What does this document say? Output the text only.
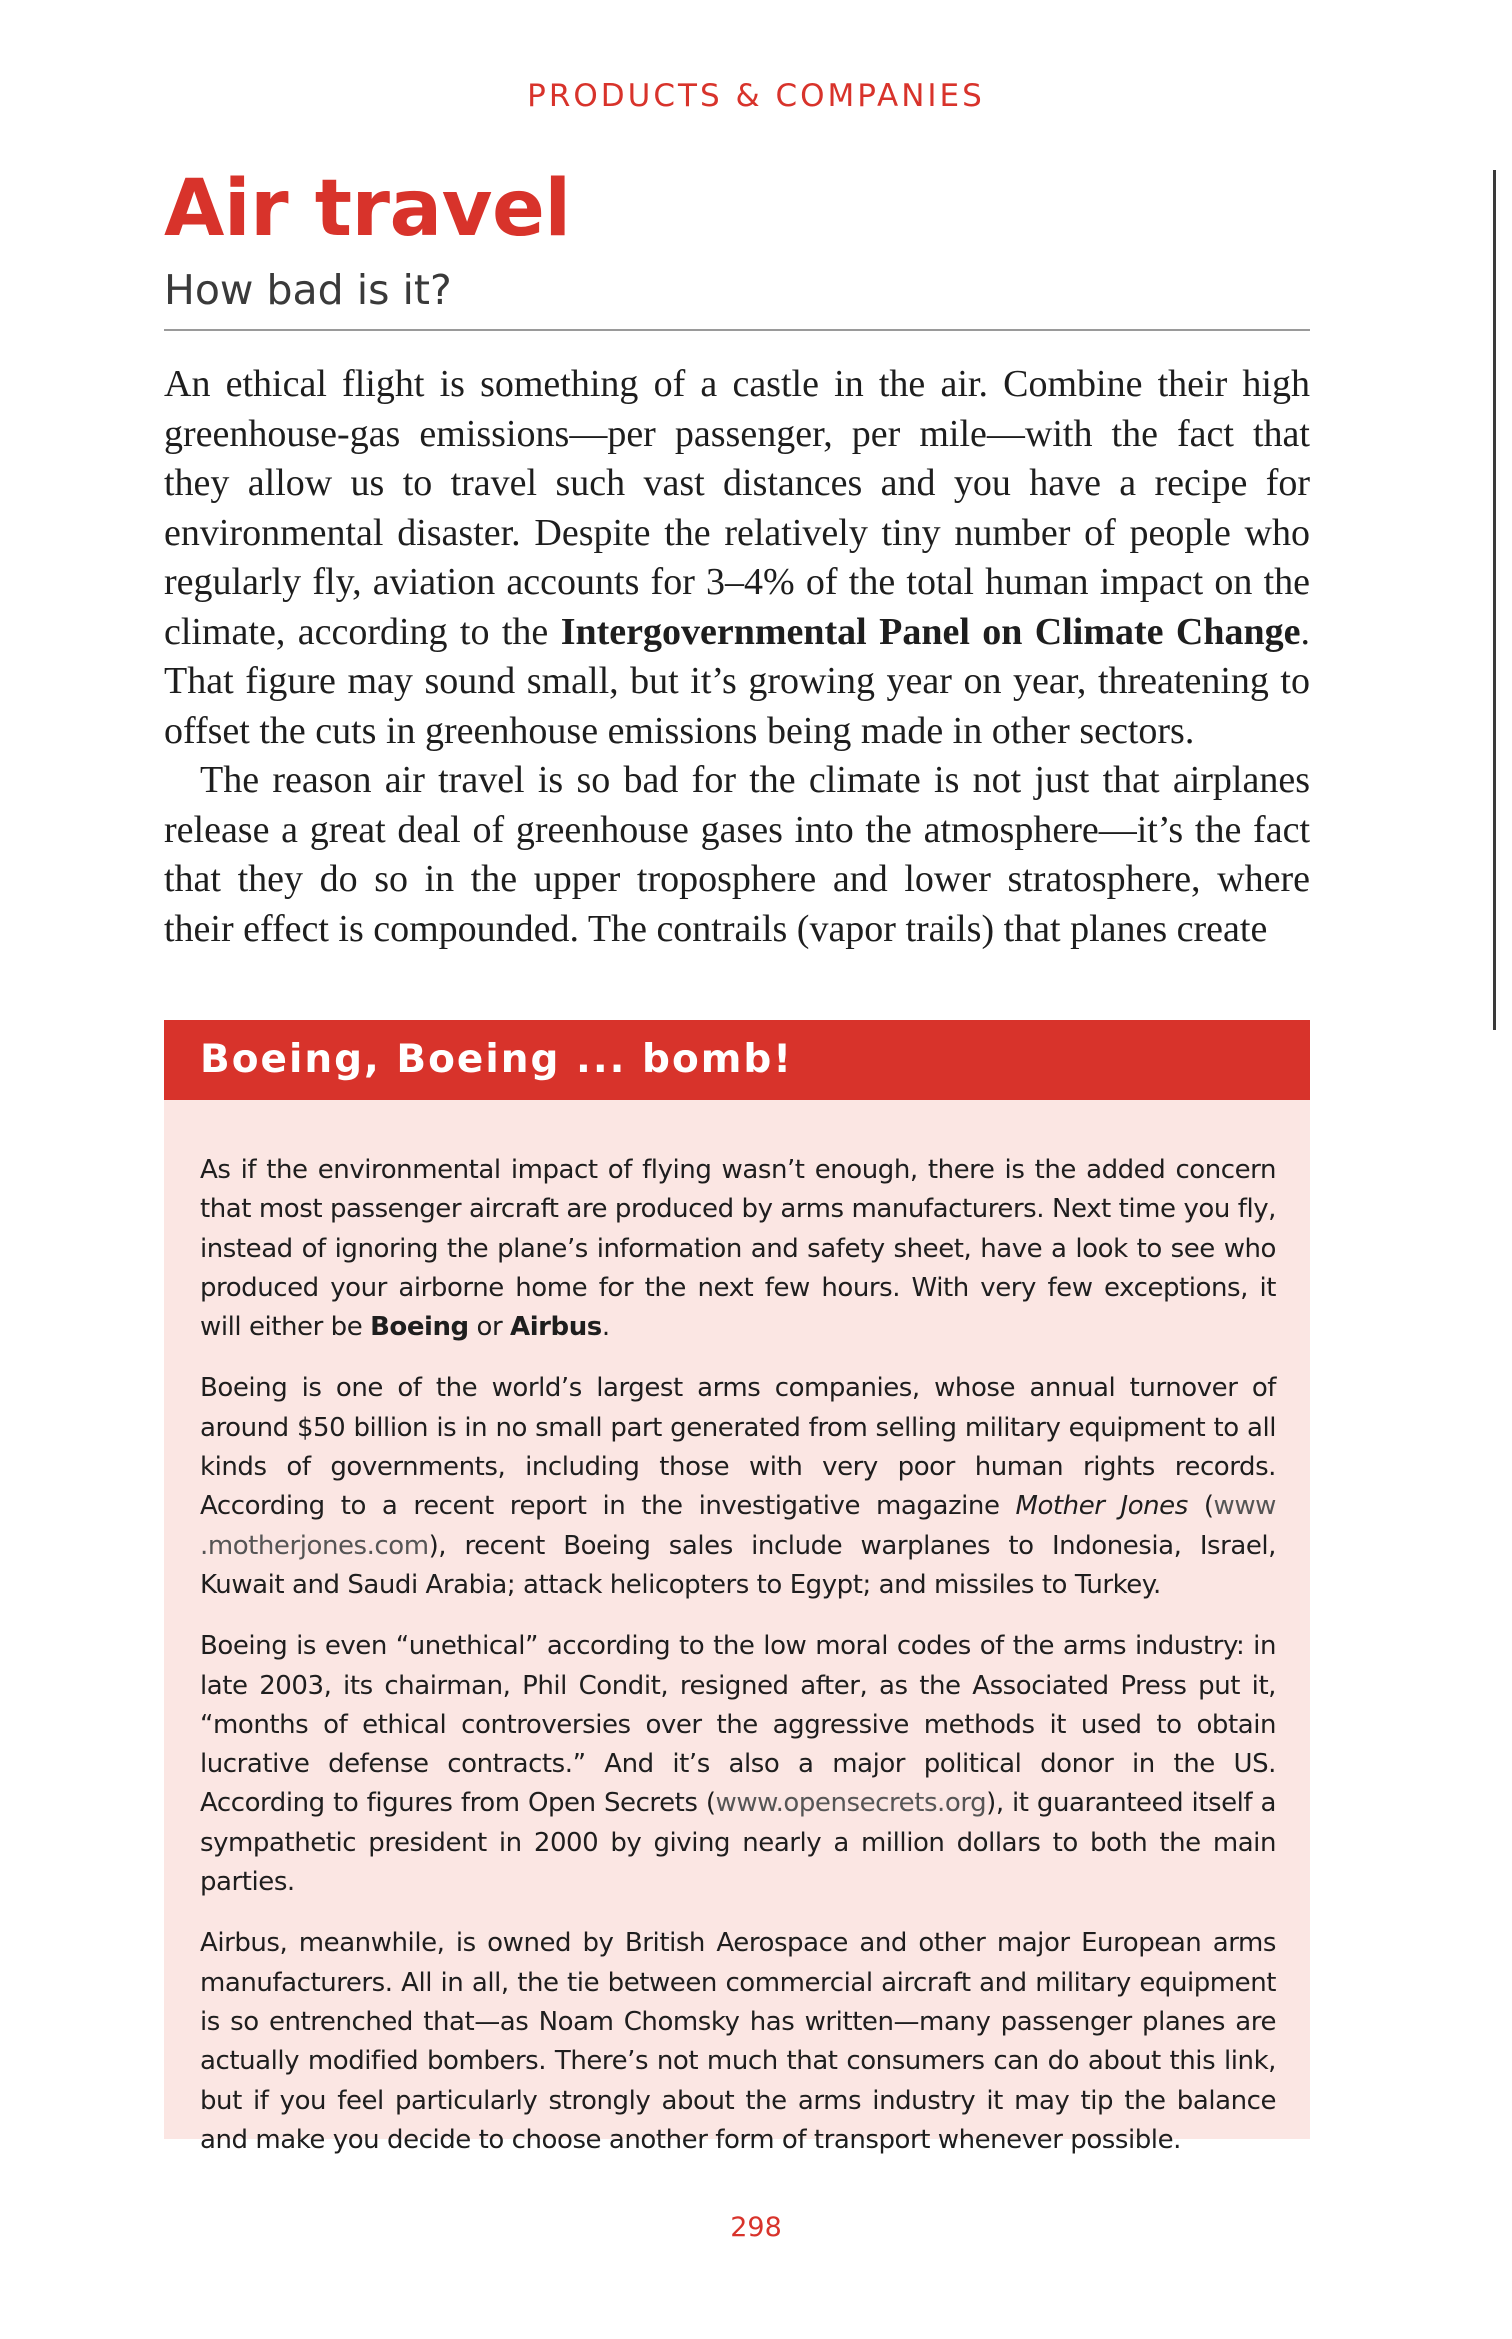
PRODUCTS & COMPANIES
Air travel
How bad is it?

An ethical flight is something of a castle in the air. Combine their high greenhouse-gas emissions—per passenger, per mile—with the fact that they allow us to travel such vast distances and you have a recipe for environmental disaster. Despite the relatively tiny number of people who regularly fly, aviation accounts for 3–4% of the total human impact on the climate, according to the Intergovernmental Panel on Climate Change. That figure may sound small, but it’s growing year on year, threatening to offset the cuts in greenhouse emissions being made in other sectors.

The reason air travel is so bad for the climate is not just that airplanes release a great deal of greenhouse gases into the atmosphere—it’s the fact that they do so in the upper troposphere and lower stratosphere, where their effect is compounded. The contrails (vapor trails) that planes create

Boeing, Boeing ... bomb!

As if the environmental impact of flying wasn’t enough, there is the added concern that most passenger aircraft are produced by arms manufacturers. Next time you fly, instead of ignoring the plane’s information and safety sheet, have a look to see who produced your airborne home for the next few hours. With very few exceptions, it will either be Boeing or Airbus.

Boeing is one of the world’s largest arms companies, whose annual turnover of around $50 billion is in no small part generated from selling military equipment to all kinds of governments, including those with very poor human rights records. According to a recent report in the investigative magazine Mother Jones (www .motherjones.com), recent Boeing sales include warplanes to Indonesia, Israel, Kuwait and Saudi Arabia; attack helicopters to Egypt; and missiles to Turkey.

Boeing is even “unethical” according to the low moral codes of the arms industry: in late 2003, its chairman, Phil Condit, resigned after, as the Associated Press put it, “months of ethical controversies over the aggressive methods it used to obtain lucrative defense contracts.” And it’s also a major political donor in the US. According to figures from Open Secrets (www.opensecrets.org), it guaranteed itself a sympathetic president in 2000 by giving nearly a million dollars to both the main parties.

Airbus, meanwhile, is owned by British Aerospace and other major European arms manufacturers. All in all, the tie between commercial aircraft and military equipment is so entrenched that—as Noam Chomsky has written—many passenger planes are actually modified bombers. There’s not much that consumers can do about this link, but if you feel particularly strongly about the arms industry it may tip the balance and make you decide to choose another form of transport whenever possible.

298
